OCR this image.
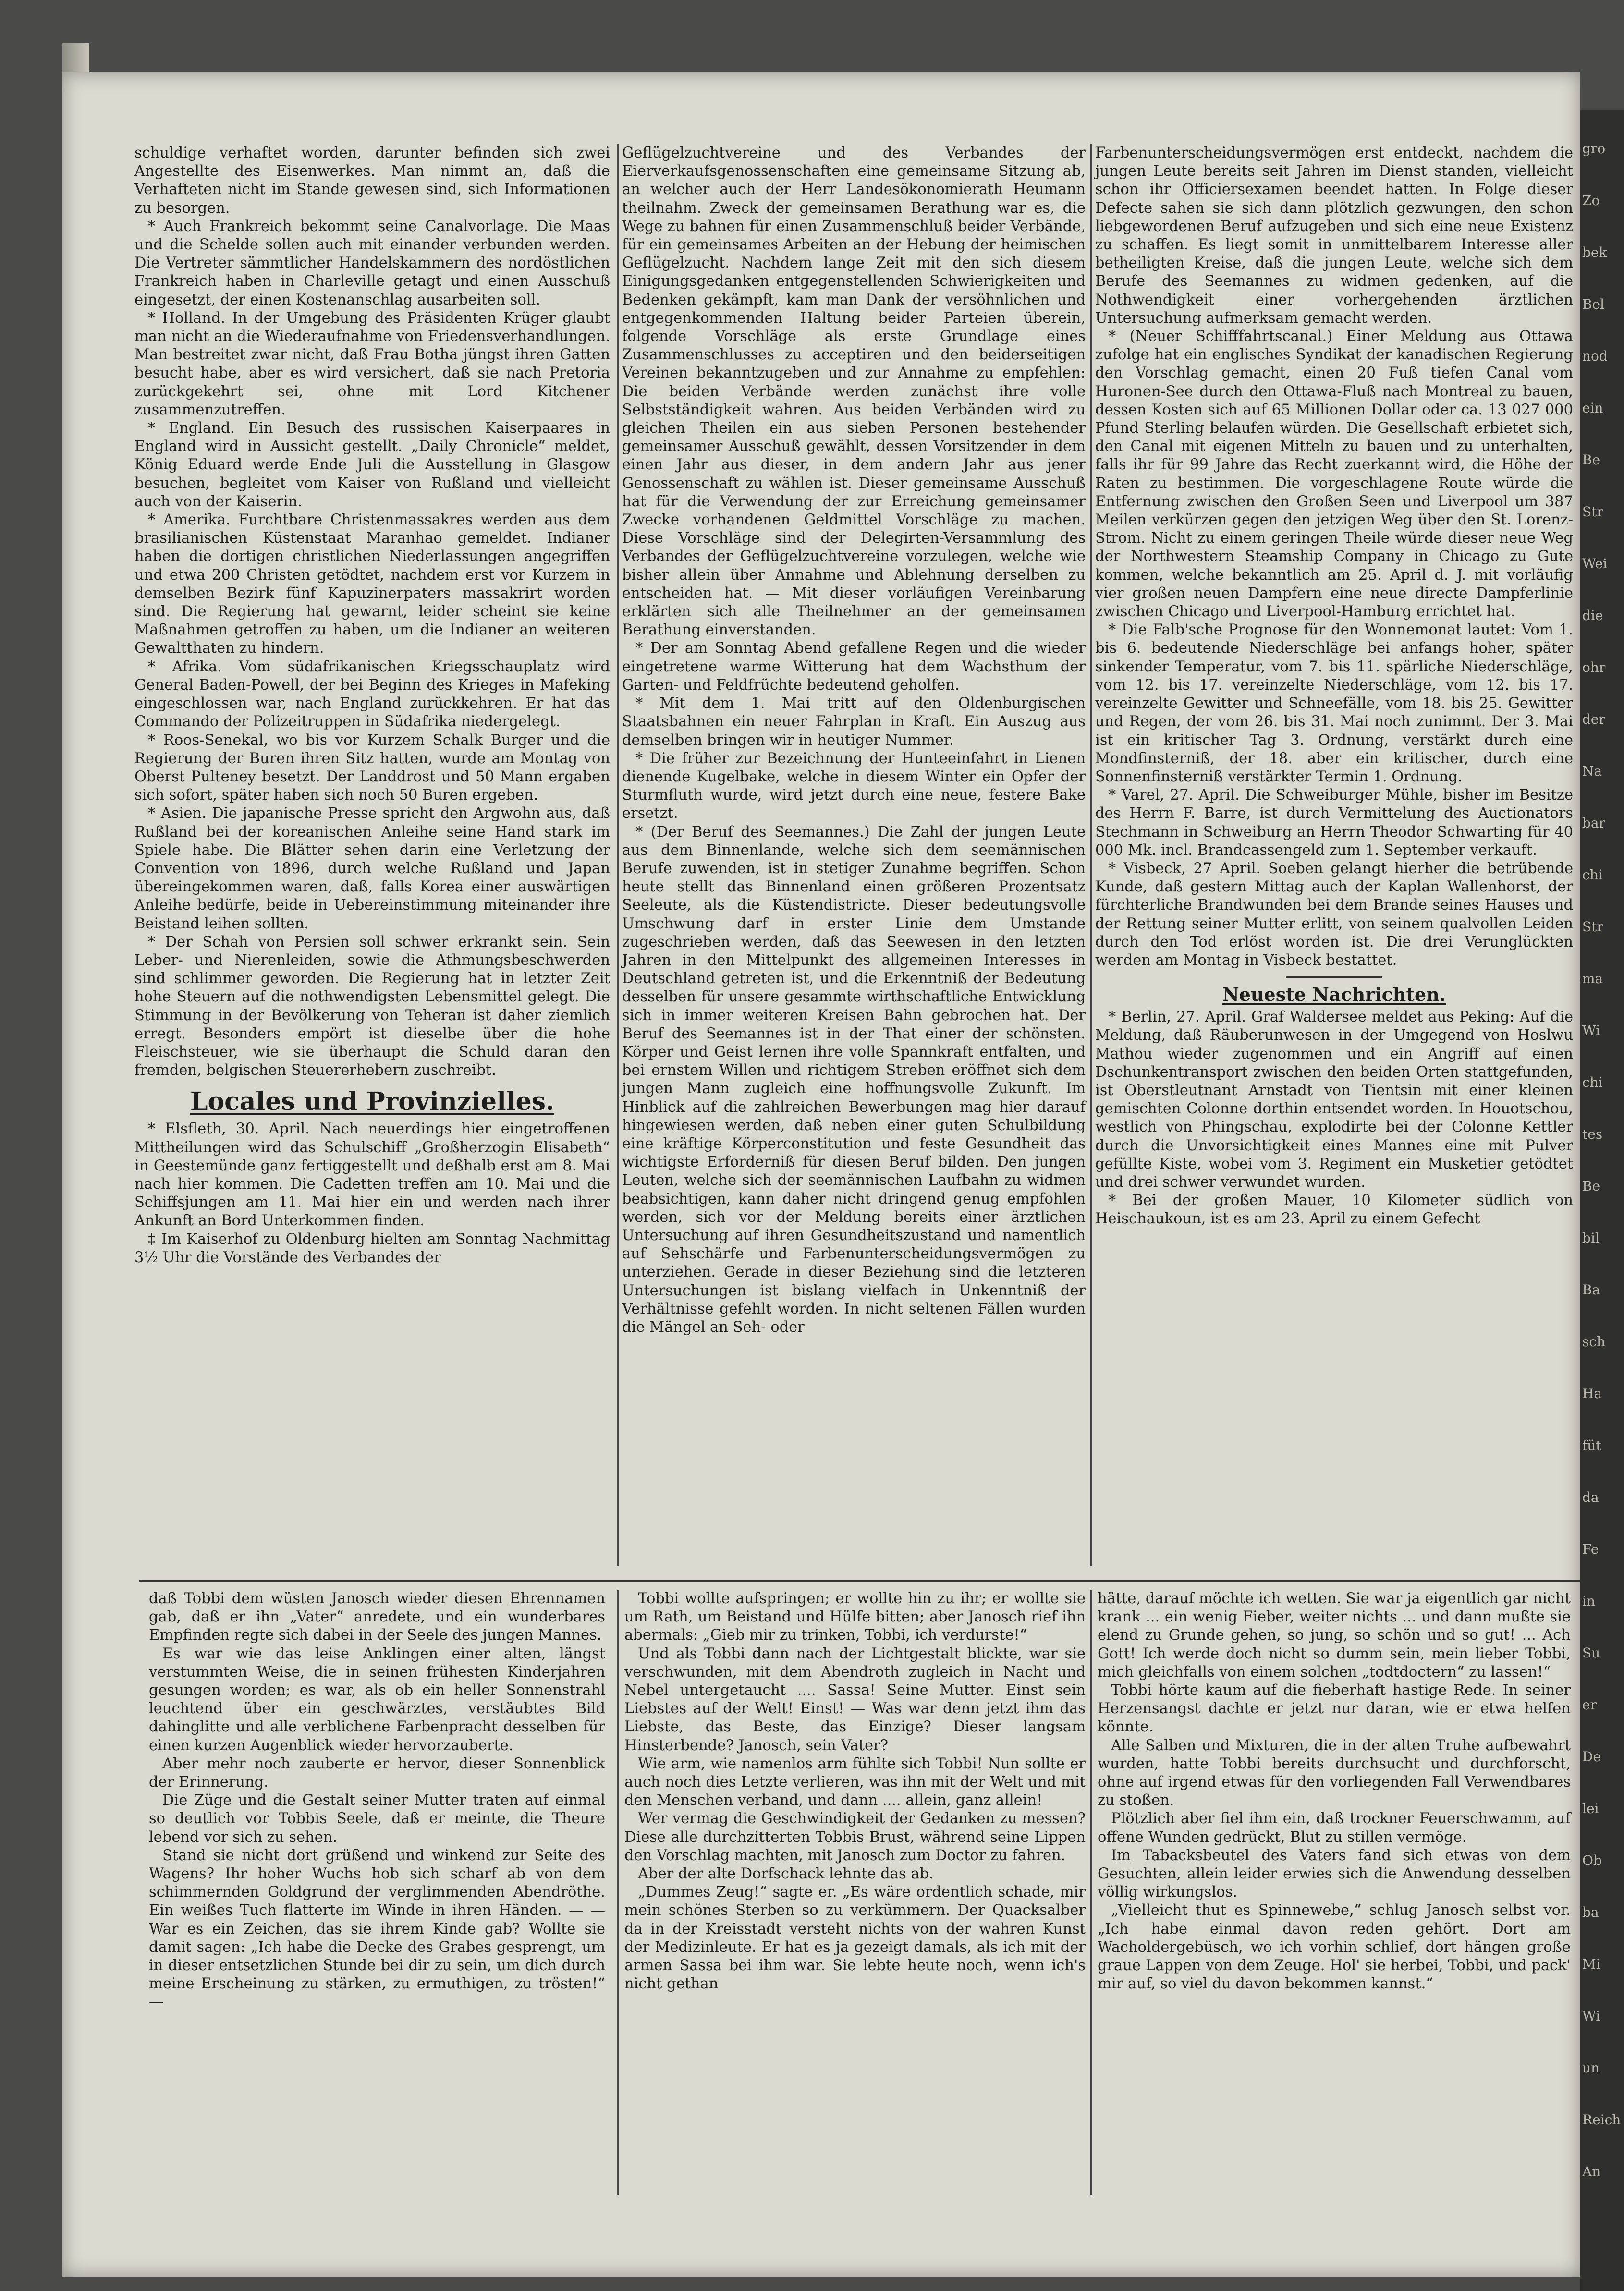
gro
Zo
bek
Bel
nod
ein
Be
Str
Wei
die
ohr
der
Na
bar
chi
Str
ma
Wi
chi
tes
Be
bil
Ba
sch
Ha
füt
da
Fe
in
Su
er
De
lei
Ob
ba
Mi
Wi
un
Reich
An

schuldige verhaftet worden, darunter befinden sich zwei Angestellte des Eisenwerkes. Man nimmt an, daß die Verhafteten nicht im Stande gewesen sind, sich Informationen zu besorgen.

* Auch Frankreich bekommt seine Canalvorlage. Die Maas und die Schelde sollen auch mit einander verbunden werden. Die Vertreter sämmtlicher Handelskammern des nordöstlichen Frankreich haben in Charleville getagt und einen Ausschuß eingesetzt, der einen Kostenanschlag ausarbeiten soll.

* Holland. In der Umgebung des Präsidenten Krüger glaubt man nicht an die Wiederaufnahme von Friedensverhandlungen. Man bestreitet zwar nicht, daß Frau Botha jüngst ihren Gatten besucht habe, aber es wird versichert, daß sie nach Pretoria zurückgekehrt sei, ohne mit Lord Kitchener zusammenzutreffen.

* England. Ein Besuch des russischen Kaiserpaares in England wird in Aussicht gestellt. „Daily Chronicle“ meldet, König Eduard werde Ende Juli die Ausstellung in Glasgow besuchen, begleitet vom Kaiser von Rußland und vielleicht auch von der Kaiserin.

* Amerika. Furchtbare Christenmassakres werden aus dem brasilianischen Küstenstaat Maranhao gemeldet. Indianer haben die dortigen christlichen Niederlassungen angegriffen und etwa 200 Christen getödtet, nachdem erst vor Kurzem in demselben Bezirk fünf Kapuzinerpaters massakrirt worden sind. Die Regierung hat gewarnt, leider scheint sie keine Maßnahmen getroffen zu haben, um die Indianer an weiteren Gewaltthaten zu hindern.

* Afrika. Vom südafrikanischen Kriegsschauplatz wird General Baden-Powell, der bei Beginn des Krieges in Mafeking eingeschlossen war, nach England zurückkehren. Er hat das Commando der Polizeitruppen in Südafrika niedergelegt.

* Roos-Senekal, wo bis vor Kurzem Schalk Burger und die Regierung der Buren ihren Sitz hatten, wurde am Montag von Oberst Pulteney besetzt. Der Landdrost und 50 Mann ergaben sich sofort, später haben sich noch 50 Buren ergeben.

* Asien. Die japanische Presse spricht den Argwohn aus, daß Rußland bei der koreanischen Anleihe seine Hand stark im Spiele habe. Die Blätter sehen darin eine Verletzung der Convention von 1896, durch welche Rußland und Japan übereingekommen waren, daß, falls Korea einer auswärtigen Anleihe bedürfe, beide in Uebereinstimmung miteinander ihre Beistand leihen sollten.

* Der Schah von Persien soll schwer erkrankt sein. Sein Leber- und Nierenleiden, sowie die Athmungsbeschwerden sind schlimmer geworden. Die Regierung hat in letzter Zeit hohe Steuern auf die nothwendigsten Lebensmittel gelegt. Die Stimmung in der Bevölkerung von Teheran ist daher ziemlich erregt. Besonders empört ist dieselbe über die hohe Fleischsteuer, wie sie überhaupt die Schuld daran den fremden, belgischen Steuererhebern zuschreibt.

Locales und Provinzielles.

* Elsfleth, 30. April. Nach neuerdings hier eingetroffenen Mittheilungen wird das Schulschiff „Großherzogin Elisabeth“ in Geestemünde ganz fertiggestellt und deßhalb erst am 8. Mai nach hier kommen. Die Cadetten treffen am 10. Mai und die Schiffsjungen am 11. Mai hier ein und werden nach ihrer Ankunft an Bord Unterkommen finden.

‡ Im Kaiserhof zu Oldenburg hielten am Sonntag Nachmittag 3½ Uhr die Vorstände des Verbandes der

Geflügelzuchtvereine und des Verbandes der Eierverkaufsgenossenschaften eine gemeinsame Sitzung ab, an welcher auch der Herr Landesökonomierath Heumann theilnahm. Zweck der gemeinsamen Berathung war es, die Wege zu bahnen für einen Zusammenschluß beider Verbände, für ein gemeinsames Arbeiten an der Hebung der heimischen Geflügelzucht. Nachdem lange Zeit mit den sich diesem Einigungsgedanken entgegenstellenden Schwierigkeiten und Bedenken gekämpft, kam man Dank der versöhnlichen und entgegenkommenden Haltung beider Parteien überein, folgende Vorschläge als erste Grundlage eines Zusammenschlusses zu acceptiren und den beiderseitigen Vereinen bekanntzugeben und zur Annahme zu empfehlen: Die beiden Verbände werden zunächst ihre volle Selbstständigkeit wahren. Aus beiden Verbänden wird zu gleichen Theilen ein aus sieben Personen bestehender gemeinsamer Ausschuß gewählt, dessen Vorsitzender in dem einen Jahr aus dieser, in dem andern Jahr aus jener Genossenschaft zu wählen ist. Dieser gemeinsame Ausschuß hat für die Verwendung der zur Erreichung gemeinsamer Zwecke vorhandenen Geldmittel Vorschläge zu machen. Diese Vorschläge sind der Delegirten-Versammlung des Verbandes der Geflügelzuchtvereine vorzulegen, welche wie bisher allein über Annahme und Ablehnung derselben zu entscheiden hat. — Mit dieser vorläufigen Vereinbarung erklärten sich alle Theilnehmer an der gemeinsamen Berathung einverstanden.

* Der am Sonntag Abend gefallene Regen und die wieder eingetretene warme Witterung hat dem Wachsthum der Garten- und Feldfrüchte bedeutend geholfen.

* Mit dem 1. Mai tritt auf den Oldenburgischen Staatsbahnen ein neuer Fahrplan in Kraft. Ein Auszug aus demselben bringen wir in heutiger Nummer.

* Die früher zur Bezeichnung der Hunteeinfahrt in Lienen dienende Kugelbake, welche in diesem Winter ein Opfer der Sturmfluth wurde, wird jetzt durch eine neue, festere Bake ersetzt.

* (Der Beruf des Seemannes.) Die Zahl der jungen Leute aus dem Binnenlande, welche sich dem seemännischen Berufe zuwenden, ist in stetiger Zunahme begriffen. Schon heute stellt das Binnenland einen größeren Prozentsatz Seeleute, als die Küstendistricte. Dieser bedeutungsvolle Umschwung darf in erster Linie dem Umstande zugeschrieben werden, daß das Seewesen in den letzten Jahren in den Mittelpunkt des allgemeinen Interesses in Deutschland getreten ist, und die Erkenntniß der Bedeutung desselben für unsere gesammte wirthschaftliche Entwicklung sich in immer weiteren Kreisen Bahn gebrochen hat. Der Beruf des Seemannes ist in der That einer der schönsten. Körper und Geist lernen ihre volle Spannkraft entfalten, und bei ernstem Willen und richtigem Streben eröffnet sich dem jungen Mann zugleich eine hoffnungsvolle Zukunft. Im Hinblick auf die zahlreichen Bewerbungen mag hier darauf hingewiesen werden, daß neben einer guten Schulbildung eine kräftige Körperconstitution und feste Gesundheit das wichtigste Erforderniß für diesen Beruf bilden. Den jungen Leuten, welche sich der seemännischen Laufbahn zu widmen beabsichtigen, kann daher nicht dringend genug empfohlen werden, sich vor der Meldung bereits einer ärztlichen Untersuchung auf ihren Gesundheitszustand und namentlich auf Sehschärfe und Farbenunterscheidungsvermögen zu unterziehen. Gerade in dieser Beziehung sind die letzteren Untersuchungen ist bislang vielfach in Unkenntniß der Verhältnisse gefehlt worden. In nicht seltenen Fällen wurden die Mängel an Seh- oder

Farbenunterscheidungsvermögen erst entdeckt, nachdem die jungen Leute bereits seit Jahren im Dienst standen, vielleicht schon ihr Officiersexamen beendet hatten. In Folge dieser Defecte sahen sie sich dann plötzlich gezwungen, den schon liebgewordenen Beruf aufzugeben und sich eine neue Existenz zu schaffen. Es liegt somit in unmittelbarem Interesse aller betheiligten Kreise, daß die jungen Leute, welche sich dem Berufe des Seemannes zu widmen gedenken, auf die Nothwendigkeit einer vorhergehenden ärztlichen Untersuchung aufmerksam gemacht werden.

* (Neuer Schifffahrtscanal.) Einer Meldung aus Ottawa zufolge hat ein englisches Syndikat der kanadischen Regierung den Vorschlag gemacht, einen 20 Fuß tiefen Canal vom Huronen-See durch den Ottawa-Fluß nach Montreal zu bauen, dessen Kosten sich auf 65 Millionen Dollar oder ca. 13 027 000 Pfund Sterling belaufen würden. Die Gesellschaft erbietet sich, den Canal mit eigenen Mitteln zu bauen und zu unterhalten, falls ihr für 99 Jahre das Recht zuerkannt wird, die Höhe der Raten zu bestimmen. Die vorgeschlagene Route würde die Entfernung zwischen den Großen Seen und Liverpool um 387 Meilen verkürzen gegen den jetzigen Weg über den St. Lorenz-Strom. Nicht zu einem geringen Theile würde dieser neue Weg der Northwestern Steamship Company in Chicago zu Gute kommen, welche bekanntlich am 25. April d. J. mit vorläufig vier großen neuen Dampfern eine neue directe Dampferlinie zwischen Chicago und Liverpool-Hamburg errichtet hat.

* Die Falb'sche Prognose für den Wonnemonat lautet: Vom 1. bis 6. bedeutende Niederschläge bei anfangs hoher, später sinkender Temperatur, vom 7. bis 11. spärliche Niederschläge, vom 12. bis 17. vereinzelte Niederschläge, vom 12. bis 17. vereinzelte Gewitter und Schneefälle, vom 18. bis 25. Gewitter und Regen, der vom 26. bis 31. Mai noch zunimmt. Der 3. Mai ist ein kritischer Tag 3. Ordnung, verstärkt durch eine Mondfinsterniß, der 18. aber ein kritischer, durch eine Sonnenfinsterniß verstärkter Termin 1. Ordnung.

* Varel, 27. April. Die Schweiburger Mühle, bisher im Besitze des Herrn F. Barre, ist durch Vermittelung des Auctionators Stechmann in Schweiburg an Herrn Theodor Schwarting für 40 000 Mk. incl. Brandcassengeld zum 1. September verkauft.

* Visbeck, 27 April. Soeben gelangt hierher die betrübende Kunde, daß gestern Mittag auch der Kaplan Wallenhorst, der fürchterliche Brandwunden bei dem Brande seines Hauses und der Rettung seiner Mutter erlitt, von seinem qualvollen Leiden durch den Tod erlöst worden ist. Die drei Verunglückten werden am Montag in Visbeck bestattet.

Neueste Nachrichten.

* Berlin, 27. April. Graf Waldersee meldet aus Peking: Auf die Meldung, daß Räuberunwesen in der Umgegend von Hoslwu Mathou wieder zugenommen und ein Angriff auf einen Dschunkentransport zwischen den beiden Orten stattgefunden, ist Oberstleutnant Arnstadt von Tientsin mit einer kleinen gemischten Colonne dorthin entsendet worden. In Houotschou, westlich von Phingschau, explodirte bei der Colonne Kettler durch die Unvorsichtigkeit eines Mannes eine mit Pulver gefüllte Kiste, wobei vom 3. Regiment ein Musketier getödtet und drei schwer verwundet wurden.

* Bei der großen Mauer, 10 Kilometer südlich von Heischaukoun, ist es am 23. April zu einem Gefecht

daß Tobbi dem wüsten Janosch wieder diesen Ehrennamen gab, daß er ihn „Vater“ anredete, und ein wunderbares Empfinden regte sich dabei in der Seele des jungen Mannes.

Es war wie das leise Anklingen einer alten, längst verstummten Weise, die in seinen frühesten Kinderjahren gesungen worden; es war, als ob ein heller Sonnenstrahl leuchtend über ein geschwärztes, verstäubtes Bild dahinglitte und alle verblichene Farbenpracht desselben für einen kurzen Augenblick wieder hervorzauberte.

Aber mehr noch zauberte er hervor, dieser Sonnenblick der Erinnerung.

Die Züge und die Gestalt seiner Mutter traten auf einmal so deutlich vor Tobbis Seele, daß er meinte, die Theure lebend vor sich zu sehen.

Stand sie nicht dort grüßend und winkend zur Seite des Wagens? Ihr hoher Wuchs hob sich scharf ab von dem schimmernden Goldgrund der verglimmenden Abendröthe. Ein weißes Tuch flatterte im Winde in ihren Händen. — — War es ein Zeichen, das sie ihrem Kinde gab? Wollte sie damit sagen: „Ich habe die Decke des Grabes gesprengt, um in dieser entsetzlichen Stunde bei dir zu sein, um dich durch meine Erscheinung zu stärken, zu ermuthigen, zu trösten!“ —

Tobbi wollte aufspringen; er wollte hin zu ihr; er wollte sie um Rath, um Beistand und Hülfe bitten; aber Janosch rief ihn abermals: „Gieb mir zu trinken, Tobbi, ich verdurste!“

Und als Tobbi dann nach der Lichtgestalt blickte, war sie verschwunden, mit dem Abendroth zugleich in Nacht und Nebel untergetaucht .... Sassa! Seine Mutter. Einst sein Liebstes auf der Welt! Einst! — Was war denn jetzt ihm das Liebste, das Beste, das Einzige? Dieser langsam Hinsterbende? Janosch, sein Vater?

Wie arm, wie namenlos arm fühlte sich Tobbi! Nun sollte er auch noch dies Letzte verlieren, was ihn mit der Welt und mit den Menschen verband, und dann .... allein, ganz allein!

Wer vermag die Geschwindigkeit der Gedanken zu messen? Diese alle durchzitterten Tobbis Brust, während seine Lippen den Vorschlag machten, mit Janosch zum Doctor zu fahren.

Aber der alte Dorfschack lehnte das ab.

„Dummes Zeug!“ sagte er. „Es wäre ordentlich schade, mir mein schönes Sterben so zu verkümmern. Der Quacksalber da in der Kreisstadt versteht nichts von der wahren Kunst der Medizinleute. Er hat es ja gezeigt damals, als ich mit der armen Sassa bei ihm war. Sie lebte heute noch, wenn ich's nicht gethan

hätte, darauf möchte ich wetten. Sie war ja eigentlich gar nicht krank ... ein wenig Fieber, weiter nichts ... und dann mußte sie elend zu Grunde gehen, so jung, so schön und so gut! ... Ach Gott! Ich werde doch nicht so dumm sein, mein lieber Tobbi, mich gleichfalls von einem solchen „todtdoctern“ zu lassen!“

Tobbi hörte kaum auf die fieberhaft hastige Rede. In seiner Herzensangst dachte er jetzt nur daran, wie er etwa helfen könnte.

Alle Salben und Mixturen, die in der alten Truhe aufbewahrt wurden, hatte Tobbi bereits durchsucht und durchforscht, ohne auf irgend etwas für den vorliegenden Fall Verwendbares zu stoßen.

Plötzlich aber fiel ihm ein, daß trockner Feuerschwamm, auf offene Wunden gedrückt, Blut zu stillen vermöge.

Im Tabacksbeutel des Vaters fand sich etwas von dem Gesuchten, allein leider erwies sich die Anwendung desselben völlig wirkungslos.

„Vielleicht thut es Spinnewebe,“ schlug Janosch selbst vor. „Ich habe einmal davon reden gehört. Dort am Wacholdergebüsch, wo ich vorhin schlief, dort hängen große graue Lappen von dem Zeuge. Hol' sie herbei, Tobbi, und pack' mir auf, so viel du davon bekommen kannst.“
